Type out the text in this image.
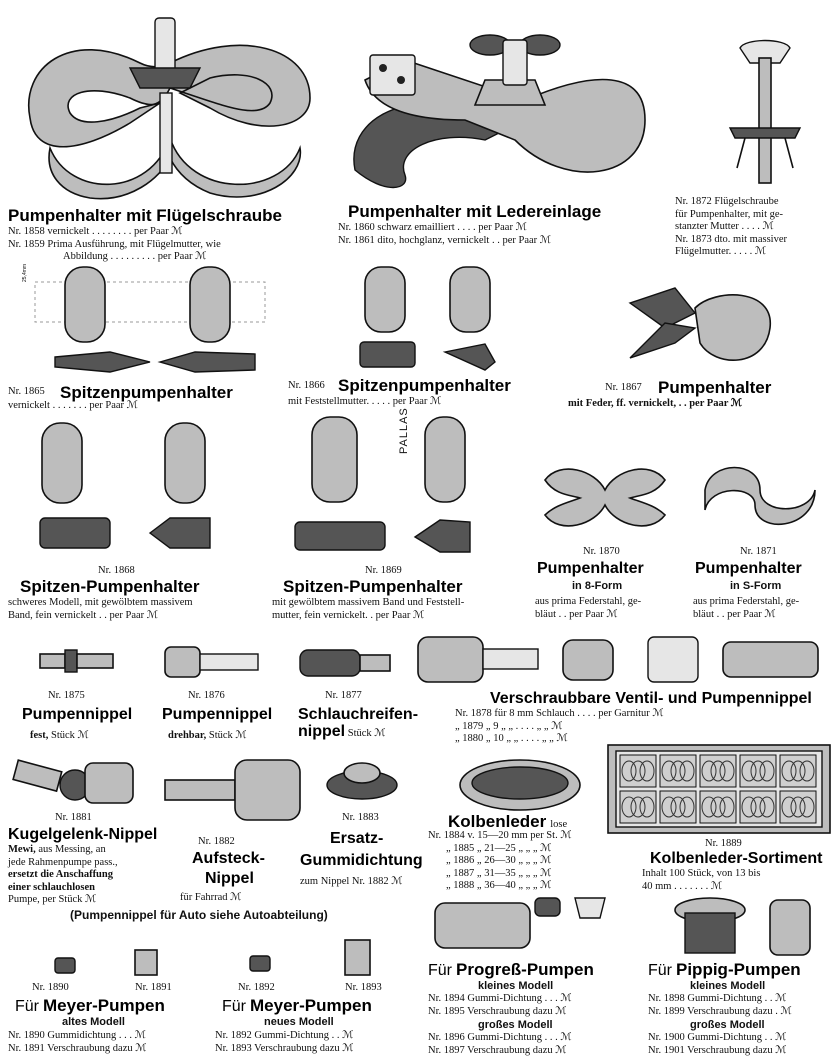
Pumpenhalter mit Flügelschraube
Nr. 1858 vernickelt . . . . . . . . per Paar ℳ
Nr. 1859 Prima Ausführung, mit Flügelmutter, wie
Abbildung . . . . . . . . . per Paar ℳ
Pumpenhalter mit Ledereinlage
Nr. 1860 schwarz emailliert . . . . per Paar ℳ
Nr. 1861 dito, hochglanz, vernickelt . . per Paar ℳ
Nr. 1872 Flügelschraube
für Pumpenhalter, mit ge-
stanzter Mutter . . . . ℳ
Nr. 1873 dto. mit massiver
Flügelmutter. . . . . ℳ
25,4mm
Nr. 1865 Spitzenpumpenhalter
vernickelt . . . . . . . per Paar ℳ
Nr. 1866 Spitzenpumpenhalter
mit Feststellmutter. . . . . per Paar ℳ
Nr. 1867 Pumpenhalter
mit Feder, ff. vernickelt, . . per Paar ℳ
PALLAS
Nr. 1868
Spitzen-Pumpenhalter
schweres Modell, mit gewölbtem massivem
Band, fein vernickelt . . per Paar ℳ
Nr. 1869
Spitzen-Pumpenhalter
mit gewölbtem massivem Band und Feststell-
mutter, fein vernickelt. . per Paar ℳ
Nr. 1870
Pumpenhalter
in 8-Form
aus prima Federstahl, ge-
bläut . . per Paar ℳ
Nr. 1871
Pumpenhalter
in S-Form
aus prima Federstahl, ge-
bläut . . per Paar ℳ
Nr. 1875
Pumpennippel
fest, Stück ℳ
Nr. 1876
Pumpennippel
drehbar, Stück ℳ
Nr. 1877
Schlauchreifen-
nippel Stück ℳ
Verschraubbare Ventil- und Pumpennippel
Nr. 1878 für 8 mm Schlauch . . . . per Garnitur ℳ
„ 1879 „ 9 „ „ . . . . „ „ ℳ
„ 1880 „ 10 „ „ . . . . „ „ ℳ
Nr. 1881
Kugelgelenk-Nippel
Mewi, aus Messing, an
jede Rahmenpumpe pass.,
ersetzt die Anschaffung
einer schlauchlosen
Pumpe, per Stück ℳ
Nr. 1882
Aufsteck-
Nippel
für Fahrrad ℳ
Nr. 1883
Ersatz-
Gummidichtung
zum Nippel Nr. 1882 ℳ
Kolbenleder lose
Nr. 1884 v. 15—20 mm per St. ℳ
„ 1885 „ 21—25 „ „ „ ℳ
„ 1886 „ 26—30 „ „ „ ℳ
„ 1887 „ 31—35 „ „ „ ℳ
„ 1888 „ 36—40 „ „ „ ℳ
Nr. 1889
Kolbenleder-Sortiment
Inhalt 100 Stück, von 13 bis
40 mm . . . . . . . ℳ
(Pumpennippel für Auto siehe Autoabteilung)
Nr. 1890	Nr. 1891	Nr. 1892	Nr. 1893
Für Meyer-Pumpen
altes Modell
Nr. 1890 Gummidichtung . . . ℳ
Nr. 1891 Verschraubung dazu ℳ
Für Meyer-Pumpen
neues Modell
Nr. 1892 Gummi-Dichtung . . ℳ
Nr. 1893 Verschraubung dazu ℳ
Für Progreß-Pumpen
kleines Modell
Nr. 1894 Gummi-Dichtung . . . ℳ
Nr. 1895 Verschraubung dazu ℳ
großes Modell
Nr. 1896 Gummi-Dichtung . . . ℳ
Nr. 1897 Verschraubung dazu ℳ
Für Pippig-Pumpen
kleines Modell
Nr. 1898 Gummi-Dichtung . . ℳ
Nr. 1899 Verschraubung dazu . ℳ
großes Modell
Nr. 1900 Gummi-Dichtung . . ℳ
Nr. 1901 Verschraubung dazu ℳ
